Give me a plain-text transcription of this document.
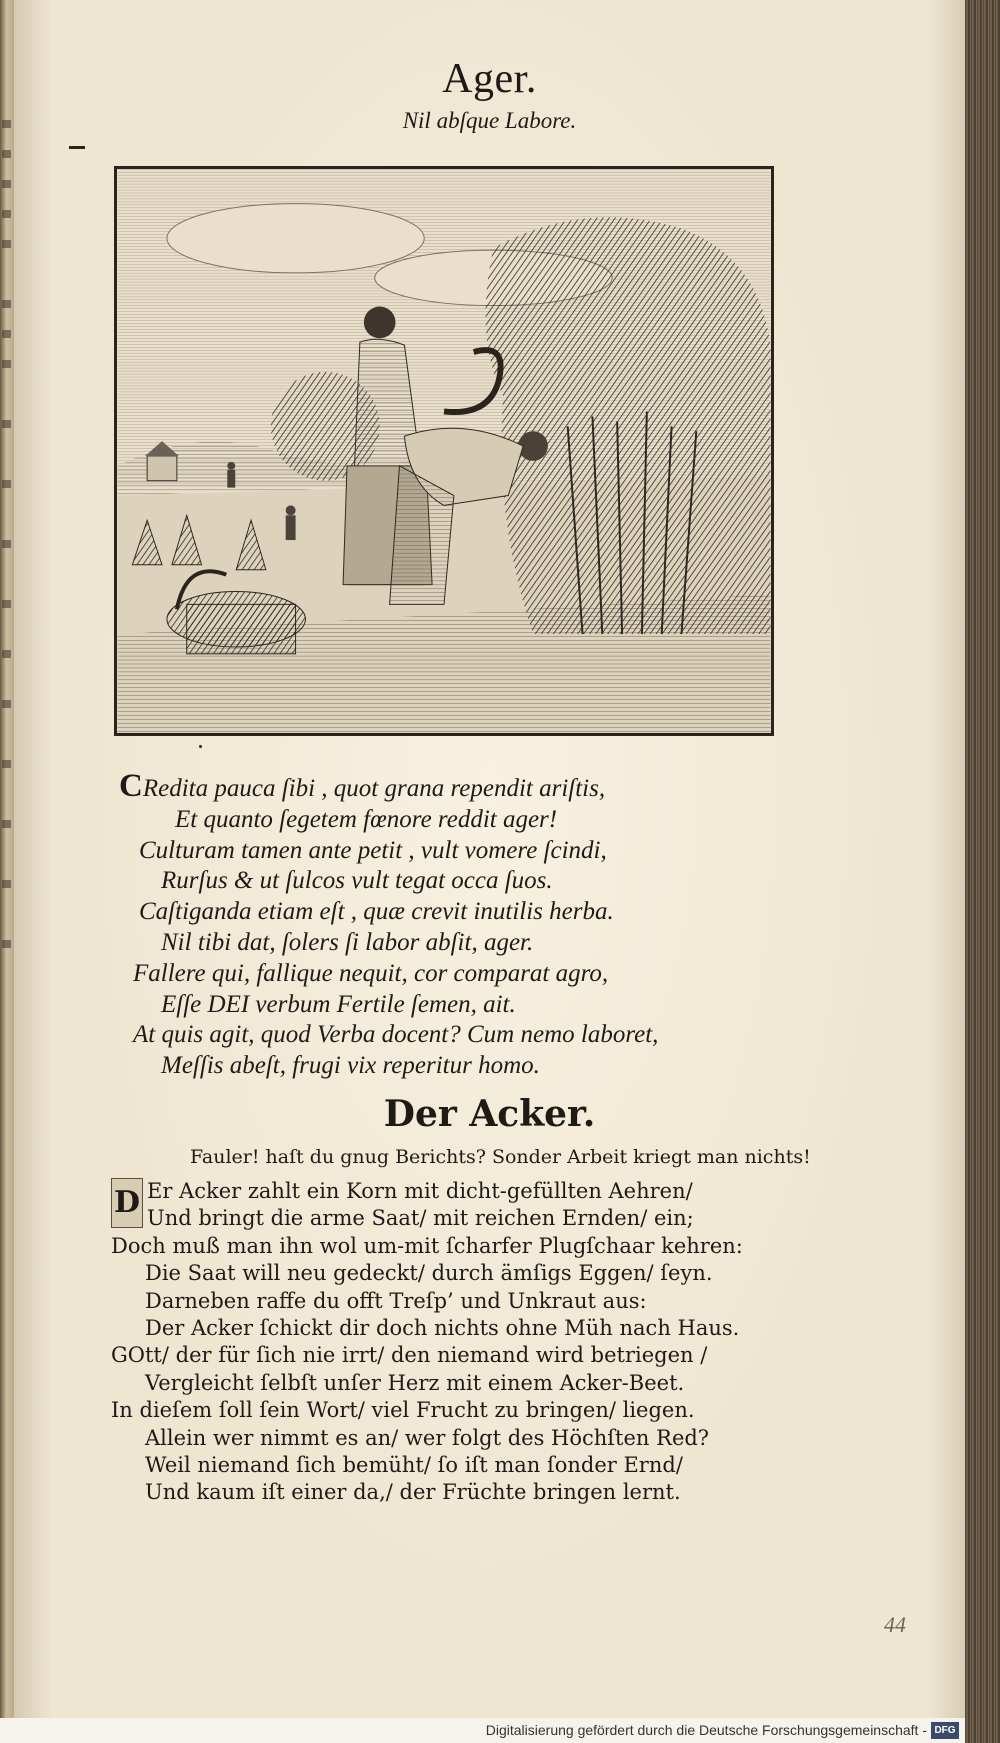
Ager.
Nil abſque Labore.
CRedita pauca ſibi , quot grana rependit ariſtis,
Et quanto ſegetem fœnore reddit ager!
Culturam tamen ante petit , vult vomere ſcindi,
Rurſus & ut ſulcos vult tegat occa ſuos.
Caſtiganda etiam eſt , quæ crevit inutilis herba.
Nil tibi dat, ſolers ſi labor abſit, ager.
Fallere qui, fallique nequit, cor comparat agro,
Eſſe DEI verbum Fertile ſemen, ait.
At quis agit, quod Verba docent? Cum nemo laboret,
Meſſis abeſt, frugi vix reperitur homo.
Der Acker.
Fauler! haſt du gnug Berichts? Sonder Arbeit kriegt man nichts!
D Er Acker zahlt ein Korn mit dicht-gefüllten Aehren/
Und bringt die arme Saat/ mit reichen Ernden/ ein;
Doch muß man ihn wol um-mit ſcharfer Plugſchaar kehren:
Die Saat will neu gedeckt/ durch ämſigs Eggen/ ſeyn.
Darneben raffe du offt Treſp’ und Unkraut aus:
Der Acker ſchickt dir doch nichts ohne Müh nach Haus.
GOtt/ der für ſich nie irrt/ den niemand wird betriegen /
Vergleicht ſelbſt unſer Herz mit einem Acker-Beet.
In dieſem ſoll ſein Wort/ viel Frucht zu bringen/ liegen.
Allein wer nimmt es an/ wer folgt des Höchſten Red?
Weil niemand ſich bemüht/ ſo iſt man ſonder Ernd/
Und kaum iſt einer da,/ der Früchte bringen lernt.
44
Digitalisierung gefördert durch die Deutsche Forschungsgemeinschaft - DFG
